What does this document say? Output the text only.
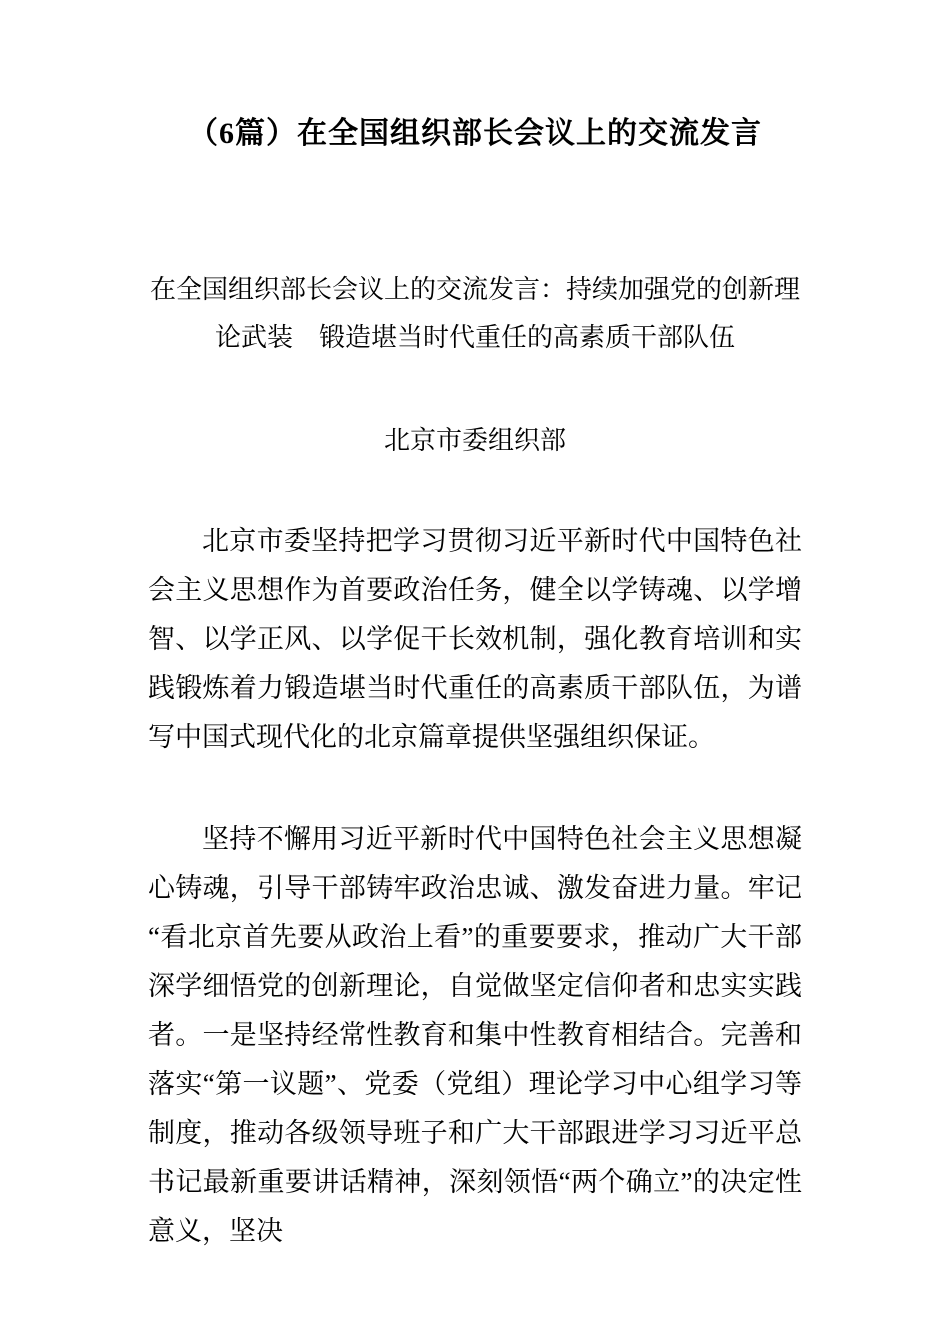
（6篇）在全国组织部长会议上的交流发言
在全国组织部长会议上的交流发言：持续加强党的创新理
论武装　锻造堪当时代重任的高素质干部队伍
北京市委组织部

北京市委坚持把学习贯彻习近平新时代中国特色社会主义思想作为首要政治任务，健全以学铸魂、以学增智、以学正风、以学促干长效机制，强化教育培训和实践锻炼着力锻造堪当时代重任的高素质干部队伍，为谱写中国式现代化的北京篇章提供坚强组织保证。

坚持不懈用习近平新时代中国特色社会主义思想凝心铸魂，引导干部铸牢政治忠诚、激发奋进力量。牢记“看北京首先要从政治上看”的重要要求，推动广大干部深学细悟党的创新理论，自觉做坚定信仰者和忠实实践者。一是坚持经常性教育和集中性教育相结合。完善和落实“第一议题”、党委（党组）理论学习中心组学习等制度，推动各级领导班子和广大干部跟进学习习近平总书记最新重要讲话精神，深刻领悟“两个确立”的决定性意义，坚决
